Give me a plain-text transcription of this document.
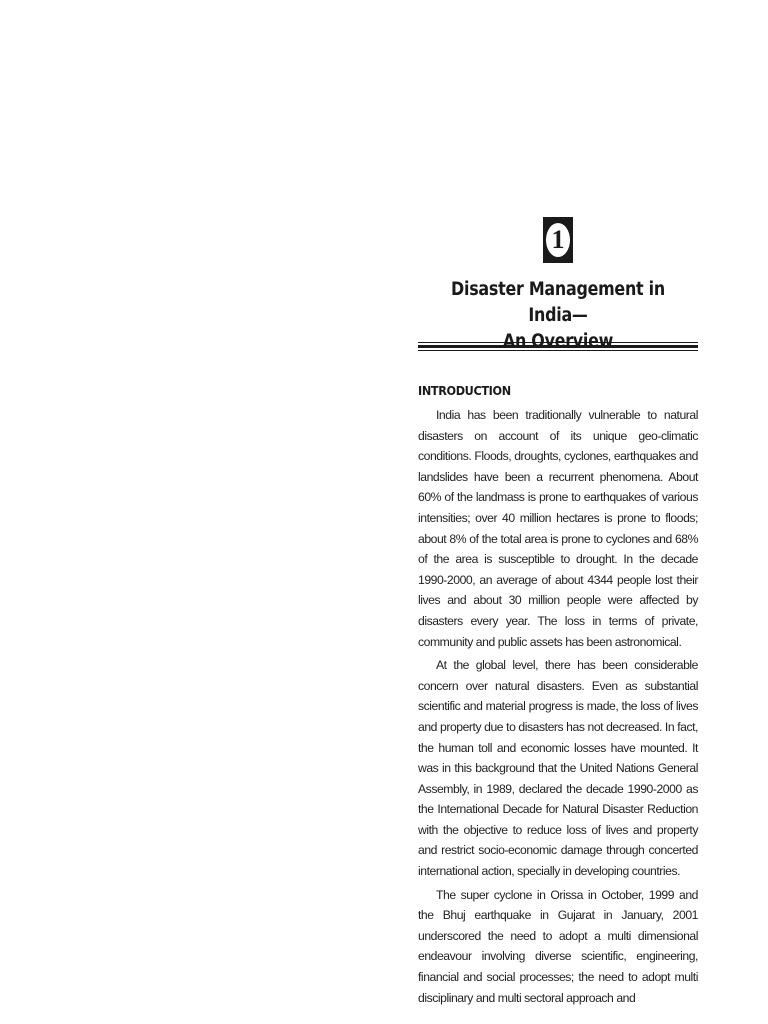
1
Disaster Management in India—
INTRODUCTION

India has been traditionally vulnerable to natural disasters on account of its unique geo-climatic conditions. Floods, droughts, cyclones, earthquakes and landslides have been a recurrent phenomena. About 60% of the landmass is prone to earthquakes of various intensities; over 40 million hectares is prone to floods; about 8% of the total area is prone to cyclones and 68% of the area is susceptible to drought. In the decade 1990-2000, an average of about 4344 people lost their lives and about 30 million people were affected by disasters every year. The loss in terms of private, community and public assets has been astronomical.

At the global level, there has been considerable concern over natural disasters. Even as substantial scientific and material progress is made, the loss of lives and property due to disasters has not decreased. In fact, the human toll and economic losses have mounted. It was in this background that the United Nations General Assembly, in 1989, declared the decade 1990-2000 as the International Decade for Natural Disaster Reduction with the objective to reduce loss of lives and property and restrict socio-economic damage through concerted international action, specially in developing countries.

The super cyclone in Orissa in October, 1999 and the Bhuj earthquake in Gujarat in January, 2001 underscored the need to adopt a multi dimensional endeavour involving diverse scientific, engineering, financial and social processes; the need to adopt multi disciplinary and multi sectoral approach and
